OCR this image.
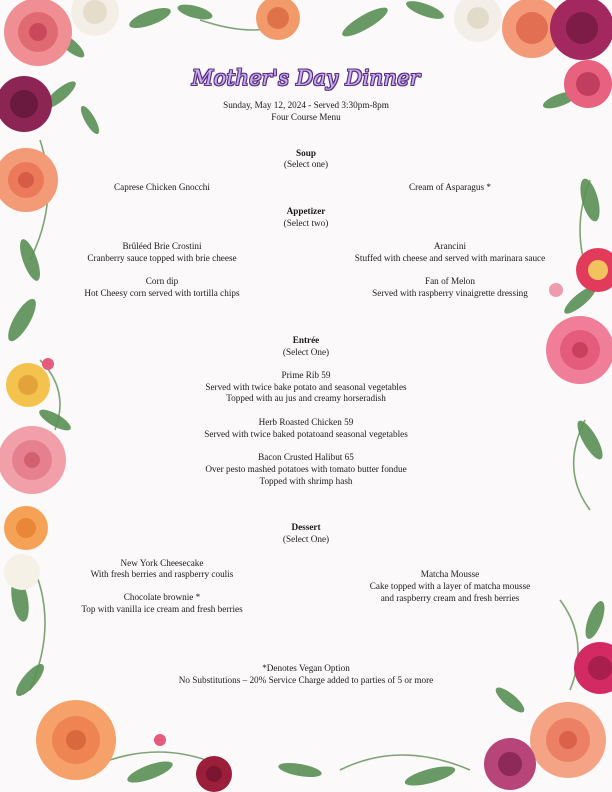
Mother's Day Dinner
Sunday, May 12, 2024 - Served 3:30pm-8pm
Four Course Menu
Soup
(Select one)
Caprese Chicken Gnocchi	Cream of Asparagus *
Appetizer
(Select two)
Brûléed Brie Crostini
Cranberry sauce topped with brie cheese
Arancini
Stuffed with cheese and served with marinara sauce
Corn dip
Hot Cheesy corn served with tortilla chips
Fan of Melon
Served with raspberry vinaigrette dressing
Entrée
(Select One)
Prime Rib 59
Served with twice bake potato and seasonal vegetables
Topped with au jus and creamy horseradish
Herb Roasted Chicken 59
Served with twice baked potatoand seasonal vegetables
Bacon Crusted Halibut 65
Over pesto mashed potatoes with tomato butter fondue
Topped with shrimp hash
Dessert
(Select One)
New York Cheesecake
With fresh berries and raspberry coulis
Chocolate brownie *
Top with vanilla ice cream and fresh berries
Matcha Mousse
Cake topped with a layer of matcha mousse
and raspberry cream and fresh berries
*Denotes Vegan Option
No Substitutions – 20% Service Charge added to parties of 5 or more
